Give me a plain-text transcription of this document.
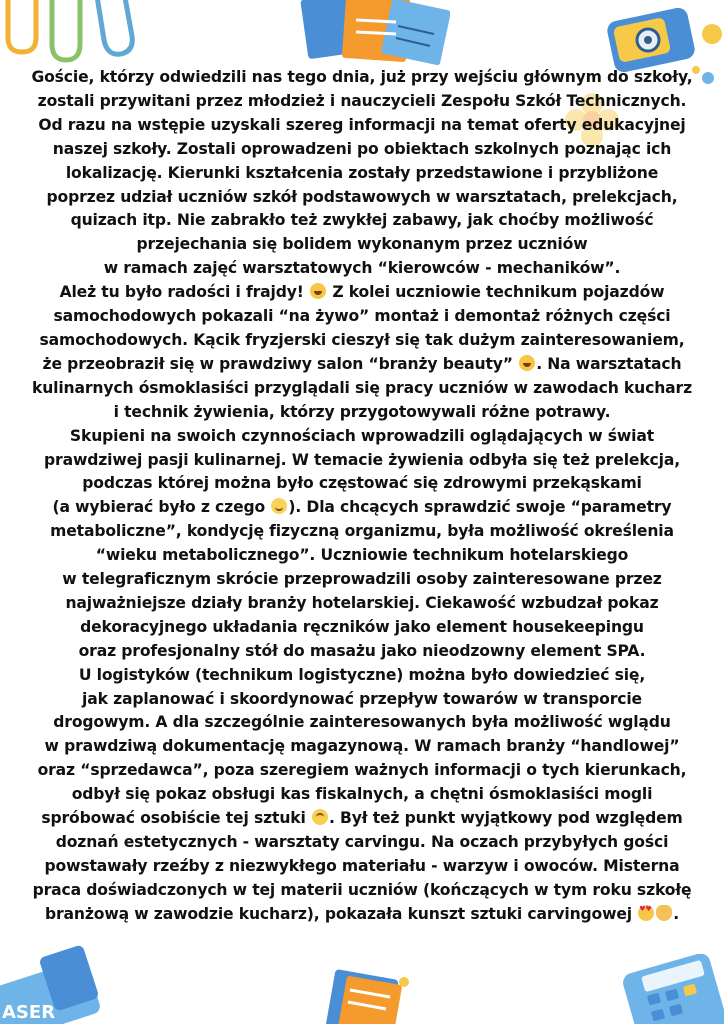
ASER
Goście, którzy odwiedzili nas tego dnia, już przy wejściu głównym do szkoły,
zostali przywitani przez młodzież i nauczycieli Zespołu Szkół Technicznych.
Od razu na wstępie uzyskali szereg informacji na temat oferty edukacyjnej
naszej szkoły. Zostali oprowadzeni po obiektach szkolnych poznając ich
lokalizację. Kierunki kształcenia zostały przedstawione i przybliżone
poprzez udział uczniów szkół podstawowych w warsztatach, prelekcjach,
quizach itp. Nie zabrakło też zwykłej zabawy, jak choćby możliwość
przejechania się bolidem wykonanym przez uczniów
w ramach zajęć warsztatowych “kierowców - mechaników”.
Ależ tu było radości i frajdy! Z kolei uczniowie technikum pojazdów
samochodowych pokazali “na żywo” montaż i demontaż różnych części
samochodowych. Kącik fryzjerski cieszył się tak dużym zainteresowaniem,
że przeobraził się w prawdziwy salon “branży beauty” . Na warsztatach
kulinarnych ósmoklasiści przyglądali się pracy uczniów w zawodach kucharz
i technik żywienia, którzy przygotowywali różne potrawy.
Skupieni na swoich czynnościach wprowadzili oglądających w świat
prawdziwej pasji kulinarnej. W temacie żywienia odbyła się też prelekcja,
podczas której można było częstować się zdrowymi przekąskami
(a wybierać było z czego ). Dla chcących sprawdzić swoje “parametry
metaboliczne”, kondycję fizyczną organizmu, była możliwość określenia
“wieku metabolicznego”. Uczniowie technikum hotelarskiego
w telegraficznym skrócie przeprowadzili osoby zainteresowane przez
najważniejsze działy branży hotelarskiej. Ciekawość wzbudzał pokaz
dekoracyjnego układania ręczników jako element housekeepingu
oraz profesjonalny stół do masażu jako nieodzowny element SPA.
U logistyków (technikum logistyczne) można było dowiedzieć się,
jak zaplanować i skoordynować przepływ towarów w transporcie
drogowym. A dla szczególnie zainteresowanych była możliwość wglądu
w prawdziwą dokumentację magazynową. W ramach branży “handlowej”
oraz “sprzedawca”, poza szeregiem ważnych informacji o tych kierunkach,
odbył się pokaz obsługi kas fiskalnych, a chętni ósmoklasiści mogli
spróbować osobiście tej sztuki . Był też punkt wyjątkowy pod względem
doznań estetycznych - warsztaty carvingu. Na oczach przybyłych gości
powstawały rzeźby z niezwykłego materiału - warzyw i owoców. Misterna
praca doświadczonych w tej materii uczniów (kończących w tym roku szkołę
branżową w zawodzie kucharz), pokazała kunszt sztuki carvingowej ♥♥	.
